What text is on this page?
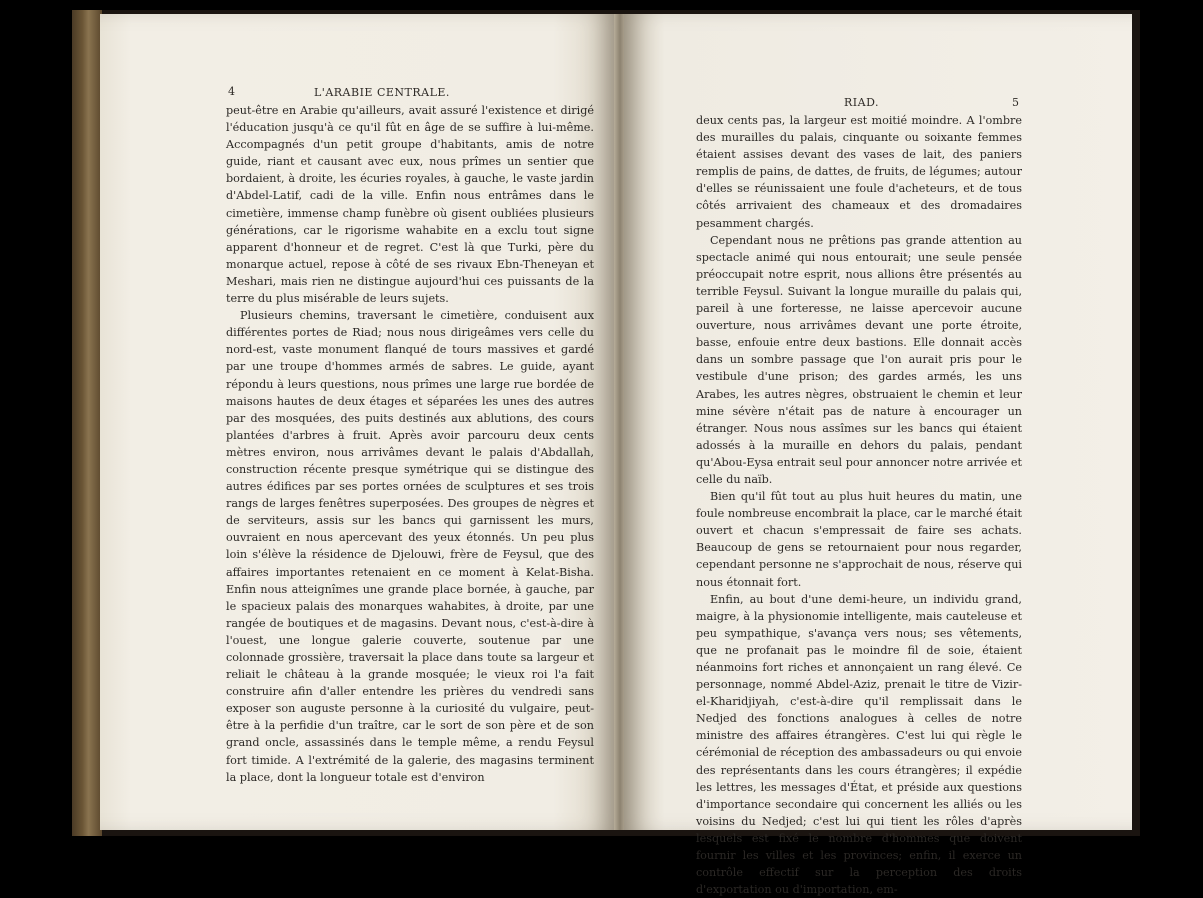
4	L'ARABIE CENTRALE.

peut-être en Arabie qu'ailleurs, avait assuré l'existence et dirigé l'éducation jusqu'à ce qu'il fût en âge de se suffire à lui-même. Accompagnés d'un petit groupe d'habitants, amis de notre guide, riant et causant avec eux, nous prîmes un sentier que bordaient, à droite, les écuries royales, à gauche, le vaste jardin d'Abdel-Latif, cadi de la ville. Enfin nous entrâmes dans le cimetière, immense champ funèbre où gisent oubliées plusieurs générations, car le rigorisme wahabite en a exclu tout signe apparent d'honneur et de regret. C'est là que Turki, père du monarque actuel, repose à côté de ses rivaux Ebn-Theneyan et Meshari, mais rien ne distingue aujourd'hui ces puissants de la terre du plus misérable de leurs sujets.

Plusieurs chemins, traversant le cimetière, conduisent aux différentes portes de Riad; nous nous dirigeâmes vers celle du nord-est, vaste monument flanqué de tours massives et gardé par une troupe d'hommes armés de sabres. Le guide, ayant répondu à leurs questions, nous prîmes une large rue bordée de maisons hautes de deux étages et séparées les unes des autres par des mosquées, des puits destinés aux ablutions, des cours plantées d'arbres à fruit. Après avoir parcouru deux cents mètres environ, nous arrivâmes devant le palais d'Abdallah, construction récente presque symétrique qui se distingue des autres édifices par ses portes ornées de sculptures et ses trois rangs de larges fenêtres superposées. Des groupes de nègres et de serviteurs, assis sur les bancs qui garnissent les murs, ouvraient en nous apercevant des yeux étonnés. Un peu plus loin s'élève la résidence de Djelouwi, frère de Feysul, que des affaires importantes retenaient en ce moment à Kelat-Bisha. Enfin nous atteignîmes une grande place bornée, à gauche, par le spacieux palais des monarques wahabites, à droite, par une rangée de boutiques et de magasins. Devant nous, c'est-à-dire à l'ouest, une longue galerie couverte, soutenue par une colonnade grossière, traversait la place dans toute sa largeur et reliait le château à la grande mosquée; le vieux roi l'a fait construire afin d'aller entendre les prières du vendredi sans exposer son auguste personne à la curiosité du vulgaire, peut-être à la perfidie d'un traître, car le sort de son père et de son grand oncle, assassinés dans le temple même, a rendu Feysul fort timide. A l'extrémité de la galerie, des magasins terminent la place, dont la longueur totale est d'environ

RIAD.	5

deux cents pas, la largeur est moitié moindre. A l'ombre des murailles du palais, cinquante ou soixante femmes étaient assises devant des vases de lait, des paniers remplis de pains, de dattes, de fruits, de légumes; autour d'elles se réunissaient une foule d'acheteurs, et de tous côtés arrivaient des chameaux et des dromadaires pesamment chargés.

Cependant nous ne prêtions pas grande attention au spectacle animé qui nous entourait; une seule pensée préoccupait notre esprit, nous allions être présentés au terrible Feysul. Suivant la longue muraille du palais qui, pareil à une forteresse, ne laisse apercevoir aucune ouverture, nous arrivâmes devant une porte étroite, basse, enfouie entre deux bastions. Elle donnait accès dans un sombre passage que l'on aurait pris pour le vestibule d'une prison; des gardes armés, les uns Arabes, les autres nègres, obstruaient le chemin et leur mine sévère n'était pas de nature à encourager un étranger. Nous nous assîmes sur les bancs qui étaient adossés à la muraille en dehors du palais, pendant qu'Abou-Eysa entrait seul pour annoncer notre arrivée et celle du naïb.

Bien qu'il fût tout au plus huit heures du matin, une foule nombreuse encombrait la place, car le marché était ouvert et chacun s'empressait de faire ses achats. Beaucoup de gens se retournaient pour nous regarder, cependant personne ne s'approchait de nous, réserve qui nous étonnait fort.

Enfin, au bout d'une demi-heure, un individu grand, maigre, à la physionomie intelligente, mais cauteleuse et peu sympathique, s'avança vers nous; ses vêtements, que ne profanait pas le moindre fil de soie, étaient néanmoins fort riches et annonçaient un rang élevé. Ce personnage, nommé Abdel-Aziz, prenait le titre de Vizir-el-Kharidjiyah, c'est-à-dire qu'il remplissait dans le Nedjed des fonctions analogues à celles de notre ministre des affaires étrangères. C'est lui qui règle le cérémonial de réception des ambassadeurs ou qui envoie des représentants dans les cours étrangères; il expédie les lettres, les messages d'État, et préside aux questions d'importance secondaire qui concernent les alliés ou les voisins du Nedjed; c'est lui qui tient les rôles d'après lesquels est fixé le nombre d'hommes que doivent fournir les villes et les provinces; enfin, il exerce un contrôle effectif sur la perception des droits d'exportation ou d'importation, em-
